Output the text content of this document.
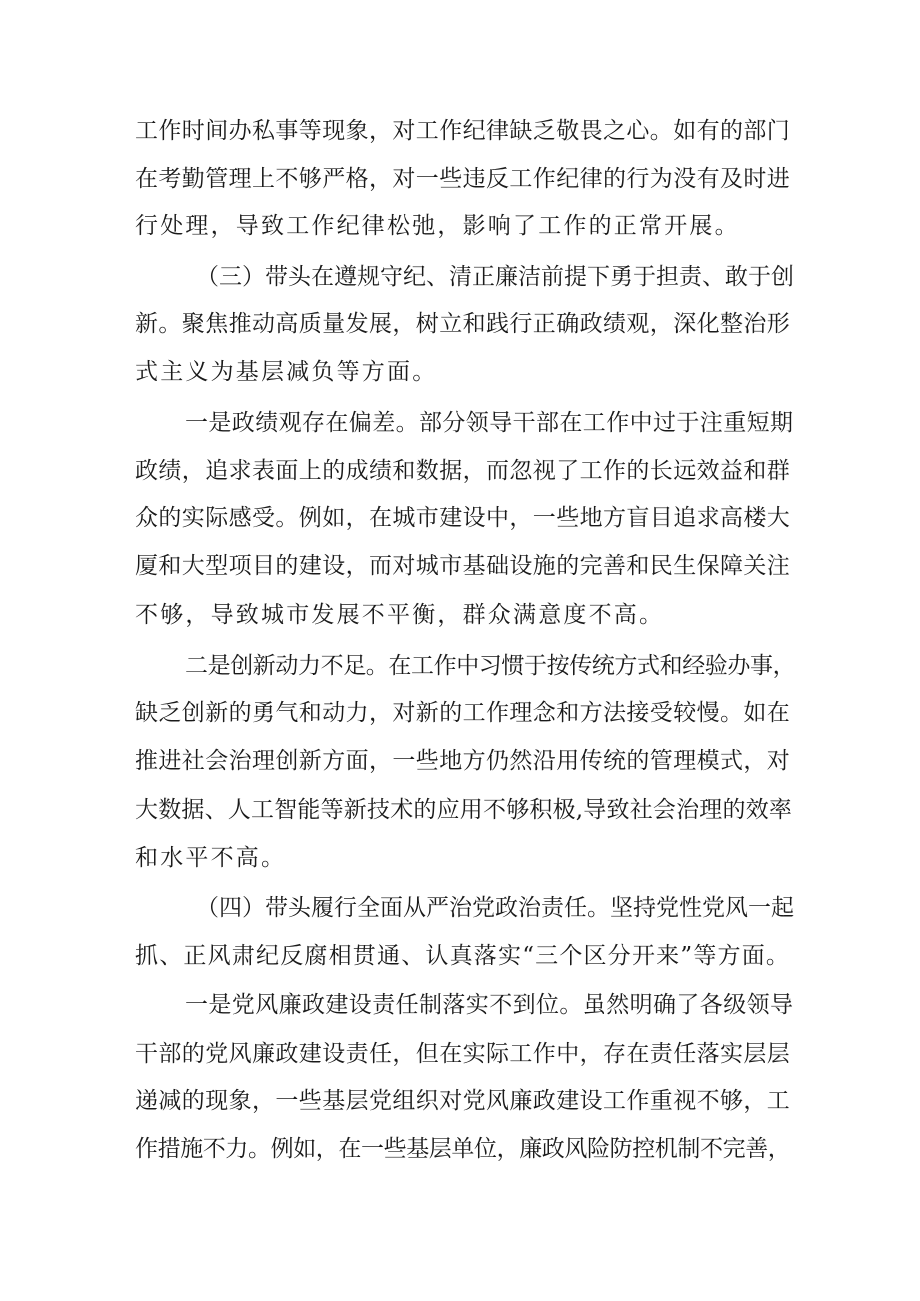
工作时间办私事等现象，对工作纪律缺乏敬畏之心。如有的部门
在考勤管理上不够严格，对一些违反工作纪律的行为没有及时进
行处理，导致工作纪律松弛，影响了工作的正常开展。
（三）带头在遵规守纪、清正廉洁前提下勇于担责、敢于创
新。聚焦推动高质量发展，树立和践行正确政绩观，深化整治形
式主义为基层减负等方面。
一是政绩观存在偏差。部分领导干部在工作中过于注重短期
政绩，追求表面上的成绩和数据，而忽视了工作的长远效益和群
众的实际感受。例如，在城市建设中，一些地方盲目追求高楼大
厦和大型项目的建设，而对城市基础设施的完善和民生保障关注
不够，导致城市发展不平衡，群众满意度不高。
二是创新动力不足。在工作中习惯于按传统方式和经验办事，
缺乏创新的勇气和动力，对新的工作理念和方法接受较慢。如在
推进社会治理创新方面，一些地方仍然沿用传统的管理模式，对
大数据、人工智能等新技术的应用不够积极,导致社会治理的效率
和水平不高。
（四）带头履行全面从严治党政治责任。坚持党性党风一起
抓、正风肃纪反腐相贯通、认真落实“三个区分开来”等方面。
一是党风廉政建设责任制落实不到位。虽然明确了各级领导
干部的党风廉政建设责任，但在实际工作中，存在责任落实层层
递减的现象，一些基层党组织对党风廉政建设工作重视不够，工
作措施不力。例如，在一些基层单位，廉政风险防控机制不完善，
